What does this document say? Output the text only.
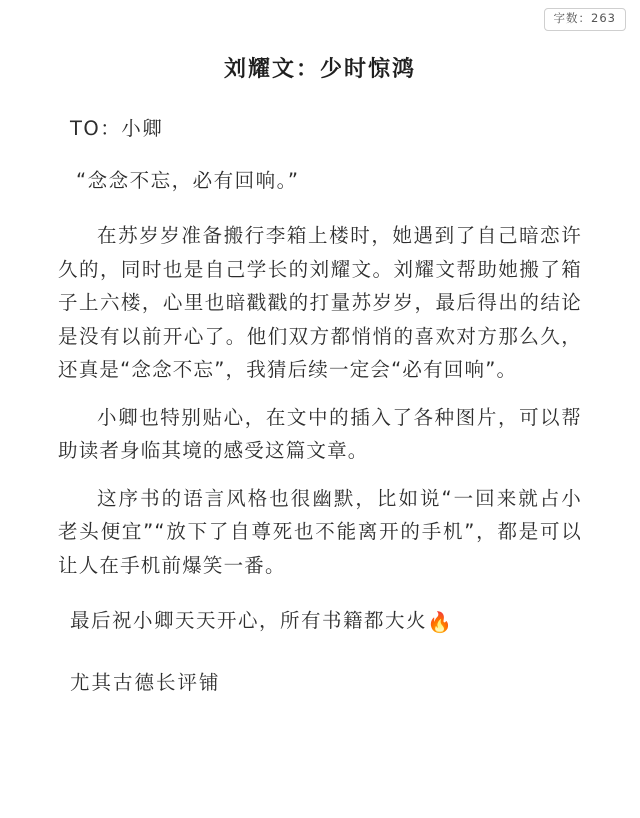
字数：263
刘耀文：少时惊鸿

TO：小卿

“念念不忘，必有回响。”

在苏岁岁准备搬行李箱上楼时，她遇到了自己暗恋许久的，同时也是自己学长的刘耀文。刘耀文帮助她搬了箱子上六楼，心里也暗戳戳的打量苏岁岁，最后得出的结论是没有以前开心了。他们双方都悄悄的喜欢对方那么久，还真是“念念不忘”，我猜后续一定会“必有回响”。

小卿也特别贴心，在文中的插入了各种图片，可以帮助读者身临其境的感受这篇文章。

这序书的语言风格也很幽默，比如说“一回来就占小老头便宜”“放下了自尊死也不能离开的手机”，都是可以让人在手机前爆笑一番。

最后祝小卿天天开心，所有书籍都大火🔥

尤其古德长评铺
